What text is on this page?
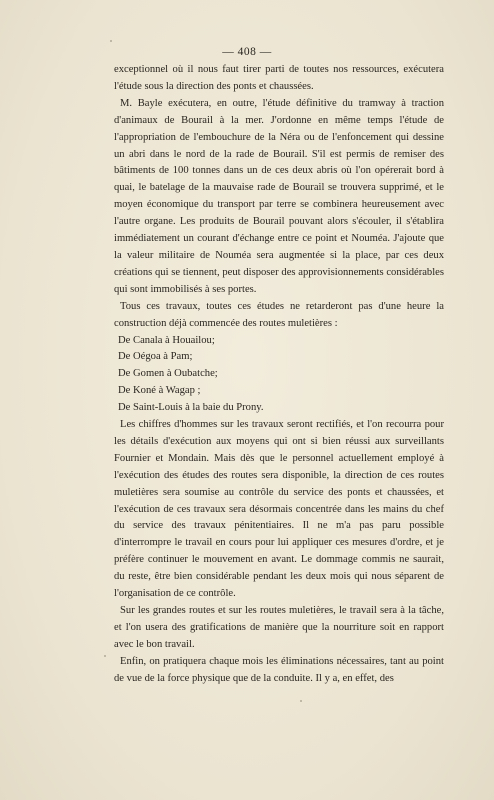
— 408 —

exceptionnel où il nous faut tirer parti de toutes nos ressources, exécutera l'étude sous la direction des ponts et chaussées.

M. Bayle exécutera, en outre, l'étude définitive du tramway à traction d'animaux de Bourail à la mer. J'ordonne en même temps l'étude de l'appropriation de l'embouchure de la Néra ou de l'enfoncement qui dessine un abri dans le nord de la rade de Bourail. S'il est permis de remiser des bâtiments de 100 tonnes dans un de ces deux abris où l'on opérerait bord à quai, le batelage de la mauvaise rade de Bourail se trouvera supprimé, et le moyen économique du transport par terre se combinera heureusement avec l'autre organe. Les produits de Bourail pouvant alors s'écouler, il s'établira immédiatement un courant d'échange entre ce point et Nouméa. J'ajoute que la valeur militaire de Nouméa sera augmentée si la place, par ces deux créations qui se tiennent, peut disposer des approvisionnements considérables qui sont immobilisés à ses portes.

Tous ces travaux, toutes ces études ne retarderont pas d'une heure la construction déjà commencée des routes muletières :

De Canala à Houailou;
De Oégoa à Pam;
De Gomen à Oubatche;
De Koné à Wagap ;
De Saint-Louis à la baie du Prony.

Les chiffres d'hommes sur les travaux seront rectifiés, et l'on recourra pour les détails d'exécution aux moyens qui ont si bien réussi aux surveillants Fournier et Mondain. Mais dès que le personnel actuellement employé à l'exécution des études des routes sera disponible, la direction de ces routes muletières sera soumise au contrôle du service des ponts et chaussées, et l'exécution de ces travaux sera désormais concentrée dans les mains du chef du service des travaux pénitentiaires. Il ne m'a pas paru possible d'interrompre le travail en cours pour lui appliquer ces mesures d'ordre, et je préfère continuer le mouvement en avant. Le dommage commis ne saurait, du reste, être bien considérable pendant les deux mois qui nous séparent de l'organisation de ce contrôle.

Sur les grandes routes et sur les routes muletières, le travail sera à la tâche, et l'on usera des gratifications de manière que la nourriture soit en rapport avec le bon travail.

Enfin, on pratiquera chaque mois les éliminations nécessaires, tant au point de vue de la force physique que de la conduite. Il y a, en effet, des
